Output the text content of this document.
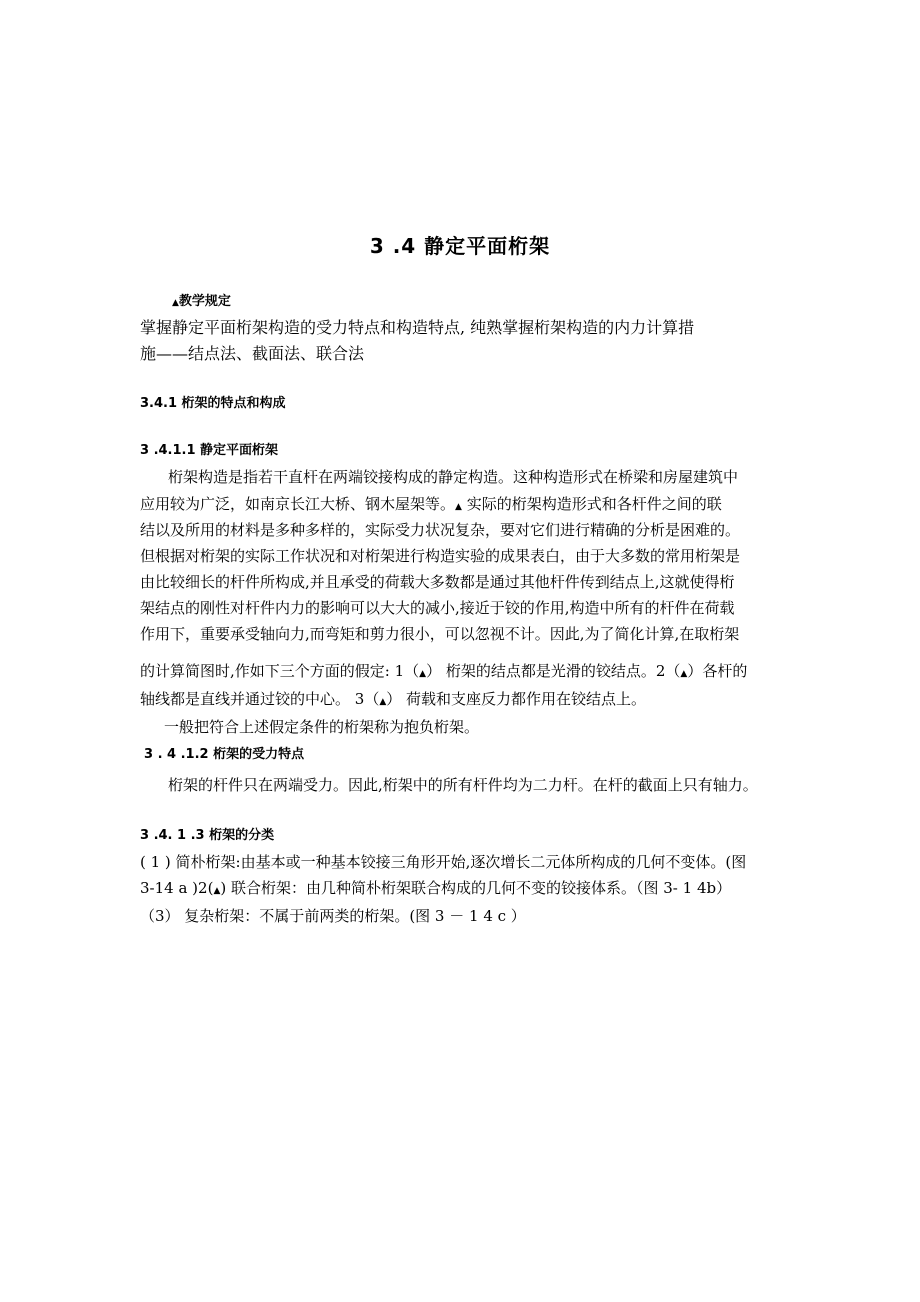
3 .4 静定平面桁架
▲教学规定
掌握静定平面桁架构造的受力特点和构造特点, 纯熟掌握桁架构造的内力计算措
施——结点法、截面法、联合法
3.4.1 桁架的特点和构成
3 .4.1.1 静定平面桁架
桁架构造是指若干直杆在两端铰接构成的静定构造。这种构造形式在桥梁和房屋建筑中
应用较为广泛，如南京长江大桥、钢木屋架等。▲ 实际的桁架构造形式和各杆件之间的联
结以及所用的材料是多种多样的，实际受力状况复杂，要对它们进行精确的分析是困难的。
但根据对桁架的实际工作状况和对桁架进行构造实验的成果表白，由于大多数的常用桁架是
由比较细长的杆件所构成,并且承受的荷载大多数都是通过其他杆件传到结点上,这就使得桁
架结点的刚性对杆件内力的影响可以大大的减小,接近于铰的作用,构造中所有的杆件在荷载
作用下，重要承受轴向力,而弯矩和剪力很小，可以忽视不计。因此,为了简化计算,在取桁架
的计算简图时,作如下三个方面的假定: 1（▲） 桁架的结点都是光滑的铰结点。2（▲）各杆的
轴线都是直线并通过铰的中心。 3（▲） 荷载和支座反力都作用在铰结点上。
一般把符合上述假定条件的桁架称为抱负桁架。
3 . 4 .1.2 桁架的受力特点
桁架的杆件只在两端受力。因此,桁架中的所有杆件均为二力杆。在杆的截面上只有轴力。
3 .4. 1 .3 桁架的分类
( 1 ) 简朴桁架:由基本或一种基本铰接三角形开始,逐次增长二元体所构成的几何不变体。(图
3-14 a )2(▲) 联合桁架：由几种简朴桁架联合构成的几何不变的铰接体系。（图 3- 1 4b）
（3） 复杂桁架：不属于前两类的桁架。(图 3 － 1 4 c ）
